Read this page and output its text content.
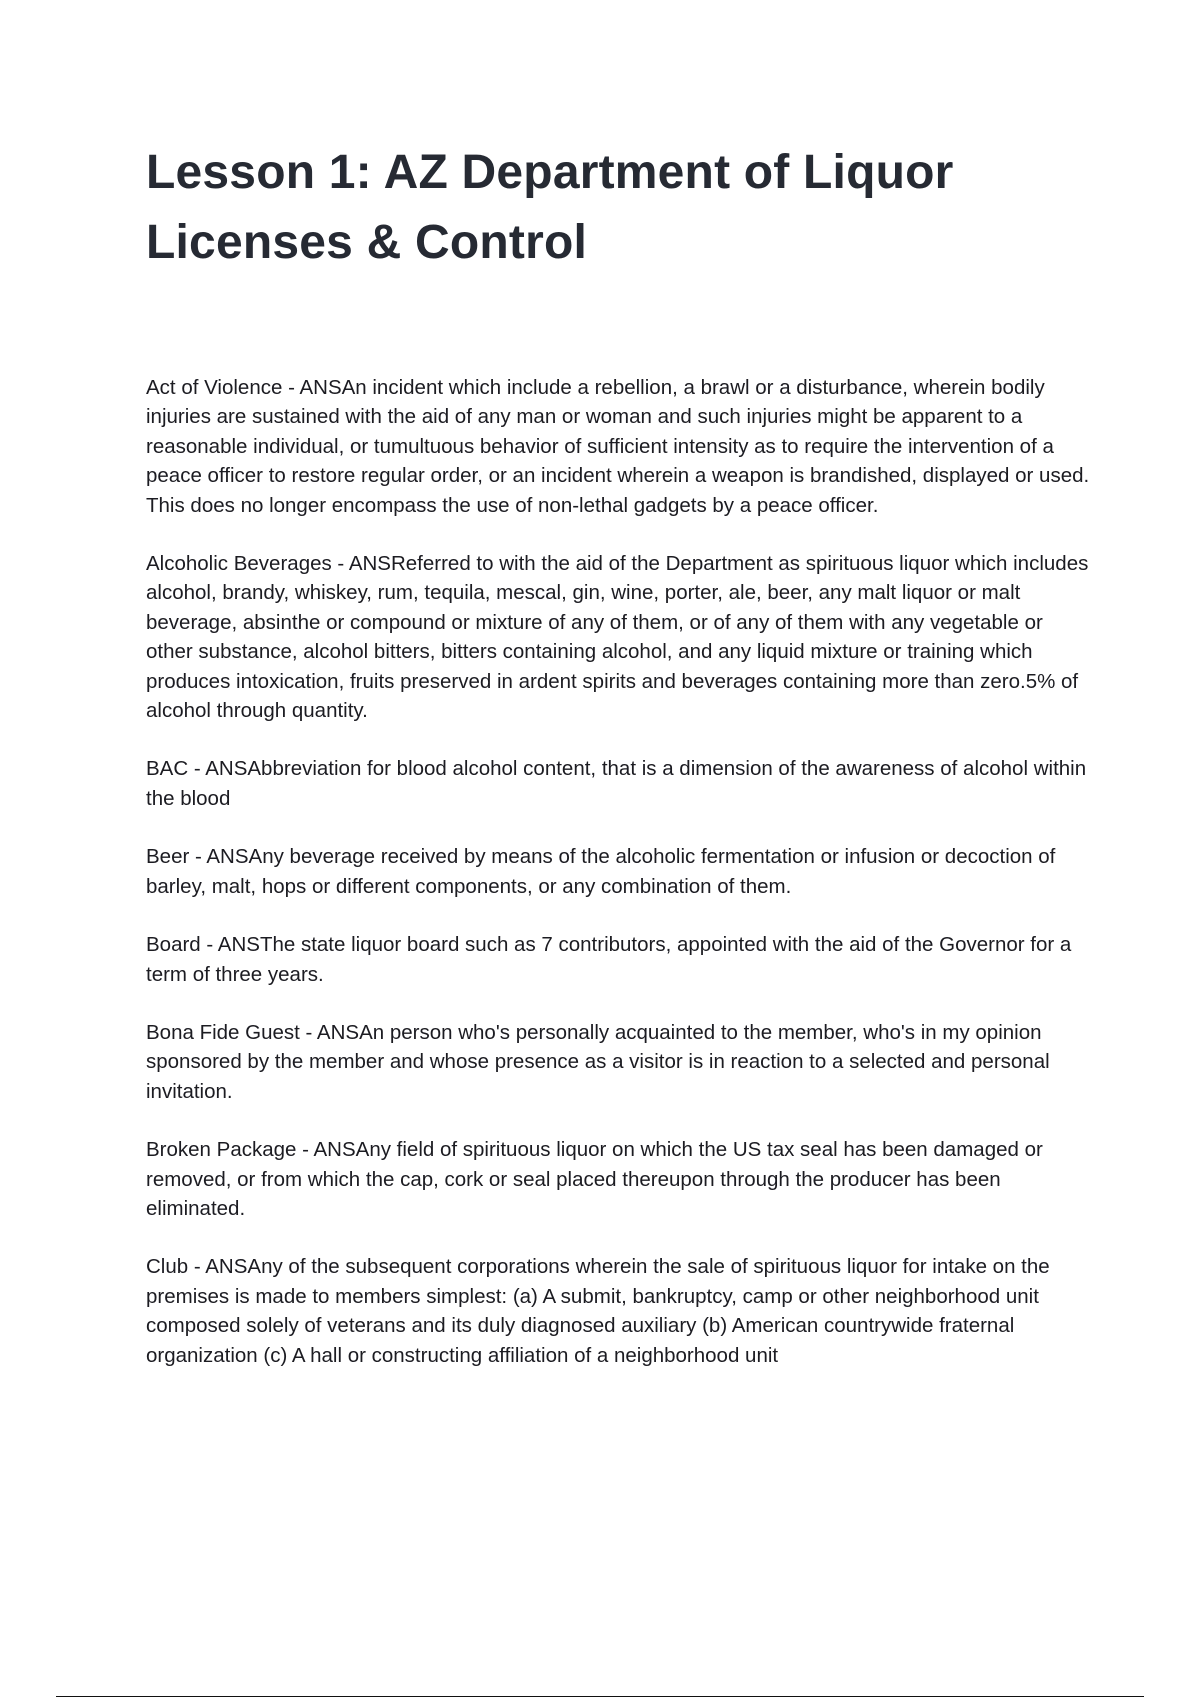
Lesson 1: AZ Department of Liquor Licenses & Control

Act of Violence - ANSAn incident which include a rebellion, a brawl or a disturbance, wherein bodily injuries are sustained with the aid of any man or woman and such injuries might be apparent to a reasonable individual, or tumultuous behavior of sufficient intensity as to require the intervention of a peace officer to restore regular order, or an incident wherein a weapon is brandished, displayed or used. This does no longer encompass the use of non-lethal gadgets by a peace officer.

Alcoholic Beverages - ANSReferred to with the aid of the Department as spirituous liquor which includes alcohol, brandy, whiskey, rum, tequila, mescal, gin, wine, porter, ale, beer, any malt liquor or malt beverage, absinthe or compound or mixture of any of them, or of any of them with any vegetable or other substance, alcohol bitters, bitters containing alcohol, and any liquid mixture or training which produces intoxication, fruits preserved in ardent spirits and beverages containing more than zero.5% of alcohol through quantity.

BAC - ANSAbbreviation for blood alcohol content, that is a dimension of the awareness of alcohol within the blood

Beer - ANSAny beverage received by means of the alcoholic fermentation or infusion or decoction of barley, malt, hops or different components, or any combination of them.

Board - ANSThe state liquor board such as 7 contributors, appointed with the aid of the Governor for a term of three years.

Bona Fide Guest - ANSAn person who's personally acquainted to the member, who's in my opinion sponsored by the member and whose presence as a visitor is in reaction to a selected and personal invitation.

Broken Package - ANSAny field of spirituous liquor on which the US tax seal has been damaged or removed, or from which the cap, cork or seal placed thereupon through the producer has been eliminated.

Club - ANSAny of the subsequent corporations wherein the sale of spirituous liquor for intake on the premises is made to members simplest: (a) A submit, bankruptcy, camp or other neighborhood unit composed solely of veterans and its duly diagnosed auxiliary (b) American countrywide fraternal organization (c) A hall or constructing affiliation of a neighborhood unit
